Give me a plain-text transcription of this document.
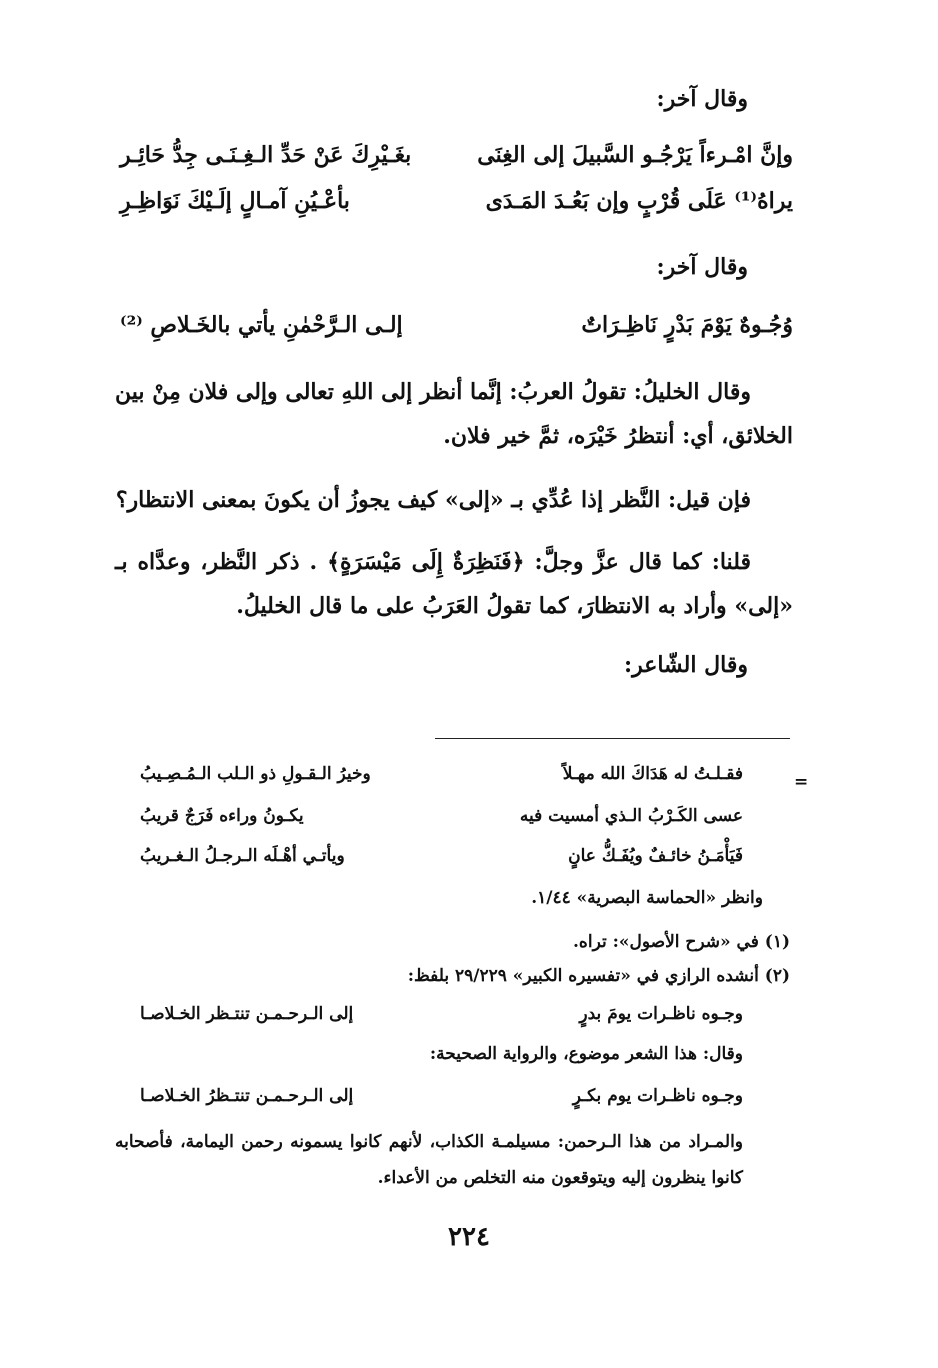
وقال آخر:
وإنَّ امْـرءاً يَرْجُـو السَّبيلَ إلى الغِنَى
بغَـيْرِكَ عَنْ حَدِّ الـغِـنَـى جِدُّ حَائِـر
يراهُ⁽¹⁾ عَلَى قُرْبٍ وإن بَعُـدَ المَـدَى
بأعْـيُنِ آمـالٍ إلَـيْكَ نَوَاظِـرِ
وقال آخر:
وُجُـوهٌ يَوْمَ بَدْرٍ نَاظِـرَاتٌ
إلـى الـرَّحْمٰنِ يأتي بالخَـلاصِ ⁽²⁾
وقال الخليلُ: تقولُ العربُ: إنَّما أنظر إلى اللهِ تعالى وإلى فلان مِنْ بين الخلائق، أي: أنتظرُ خَيْرَه، ثمَّ خير فلان.
فإن قيل: النَّظر إذا عُدِّي بـ «إلى» كيف يجوزُ أن يكونَ بمعنى الانتظار؟
قلنا: كما قال عزَّ وجلَّ: ﴿فَنَظِرَةٌ إِلَى مَيْسَرَةٍ﴾ . ذكر النَّظر، وعدَّاه بـ «إلى» وأراد به الانتظارَ، كما تقولُ العَرَبُ على ما قال الخليلُ.
وقال الشّاعر:
=
فقـلـتُ له هَدَاكَ الله مهـلاً
وخيرُ الـقـولِ ذو الـلب الـمُـصِـيبُ
عسى الكَـرْبُ الـذي أمسيت فيه
يكـونُ وراءه فَرَجٌ قريبُ
فَيَأْمَـنُ خائـفٌ ويُفَـكُّ عانٍ
ويأتـي أهْـلَه الـرجـلُ الـغـريبُ
وانظر «الحماسة البصرية» ١/٤٤.
(١) في «شرح الأصول»: تراه.
(٢) أنشده الرازي في «تفسيره الكبير» ٢٩/٢٢٩ بلفظ:
وجـوه ناظـرات يومَ بدرٍ
إلى الـرحـمـن تنتـظر الخـلاصـا
وقال: هذا الشعر موضوع، والرواية الصحيحة:
وجـوه ناظـرات يوم بكـرٍ
إلى الـرحـمـن تنتـظرُ الخـلاصـا
والمـراد من هذا الـرحمن: مسيلمـة الكذاب، لأنهم كانوا يسمونه رحمن اليمامة، فأصحابه كانوا ينظرون إليه ويتوقعون منه التخلص من الأعداء.
٢٢٤
